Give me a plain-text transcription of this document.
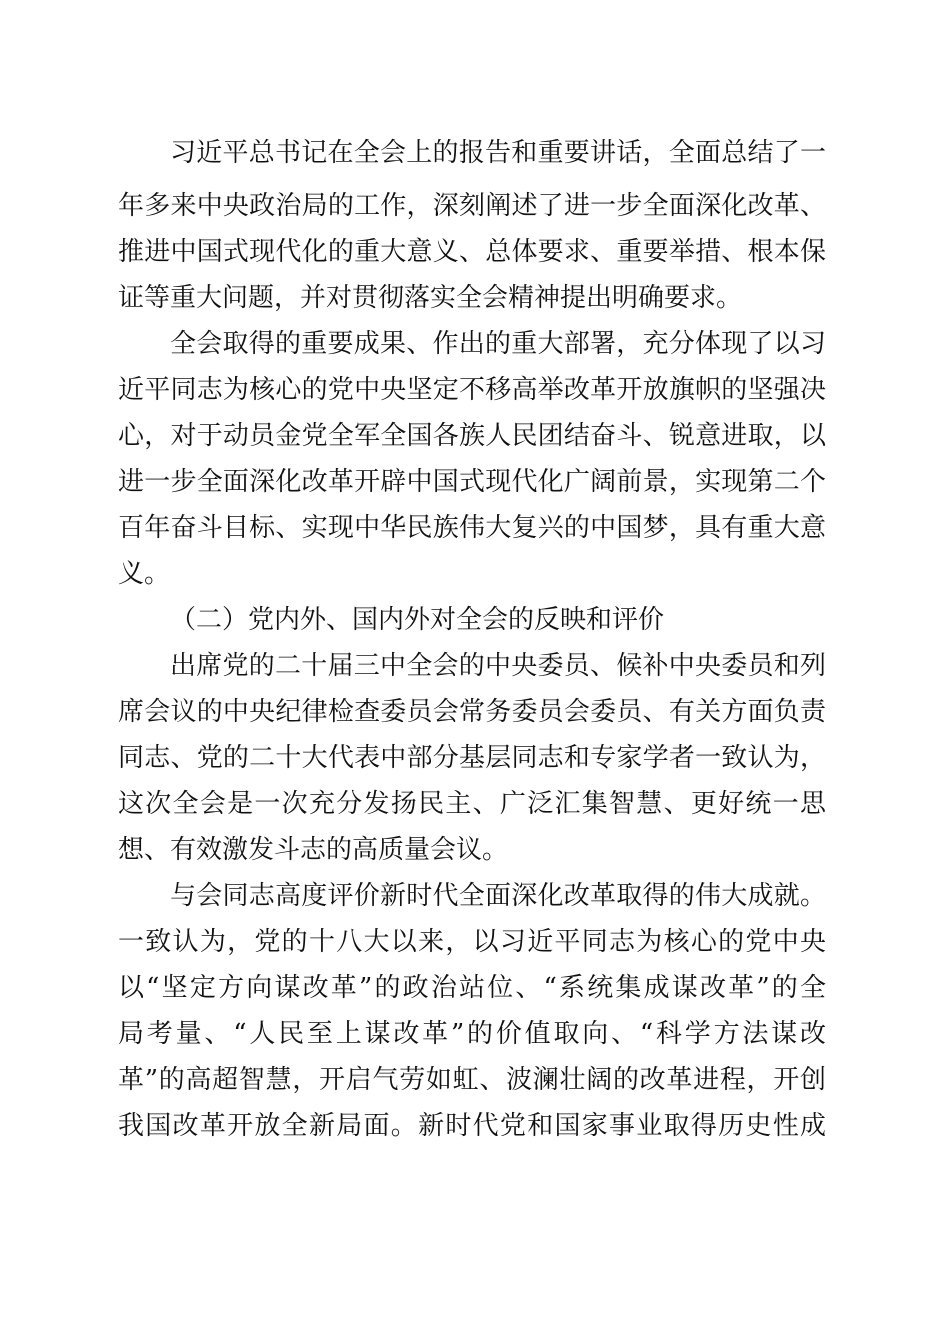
习近平总书记在全会上的报告和重要讲话，全面总结了一

年多来中央政治局的工作，深刻阐述了进一步全面深化改革、

推进中国式现代化的重大意义、总体要求、重要举措、根本保

证等重大问题，并对贯彻落实全会精神提出明确要求。

全会取得的重要成果、作出的重大部署，充分体现了以习

近平同志为核心的党中央坚定不移高举改革开放旗帜的坚强决

心，对于动员金党全军全国各族人民团结奋斗、锐意进取，以

进一步全面深化改革开辟中国式现代化广阔前景，实现第二个

百年奋斗目标、实现中华民族伟大复兴的中国梦，具有重大意

义。

（二）党内外、国内外对全会的反映和评价

出席党的二十届三中全会的中央委员、候补中央委员和列

席会议的中央纪律检查委员会常务委员会委员、有关方面负责

同志、党的二十大代表中部分基层同志和专家学者一致认为，

这次全会是一次充分发扬民主、广泛汇集智慧、更好统一思

想、有效激发斗志的高质量会议。

与会同志高度评价新时代全面深化改革取得的伟大成就。

一致认为，党的十八大以来，以习近平同志为核心的党中央

以“坚定方向谋改革”的政治站位、“系统集成谋改革”的全

局考量、“人民至上谋改革”的价值取向、“科学方法谋改

革”的高超智慧，开启气劳如虹、波澜壮阔的改革进程，开创

我国改革开放全新局面。新时代党和国家事业取得历史性成
